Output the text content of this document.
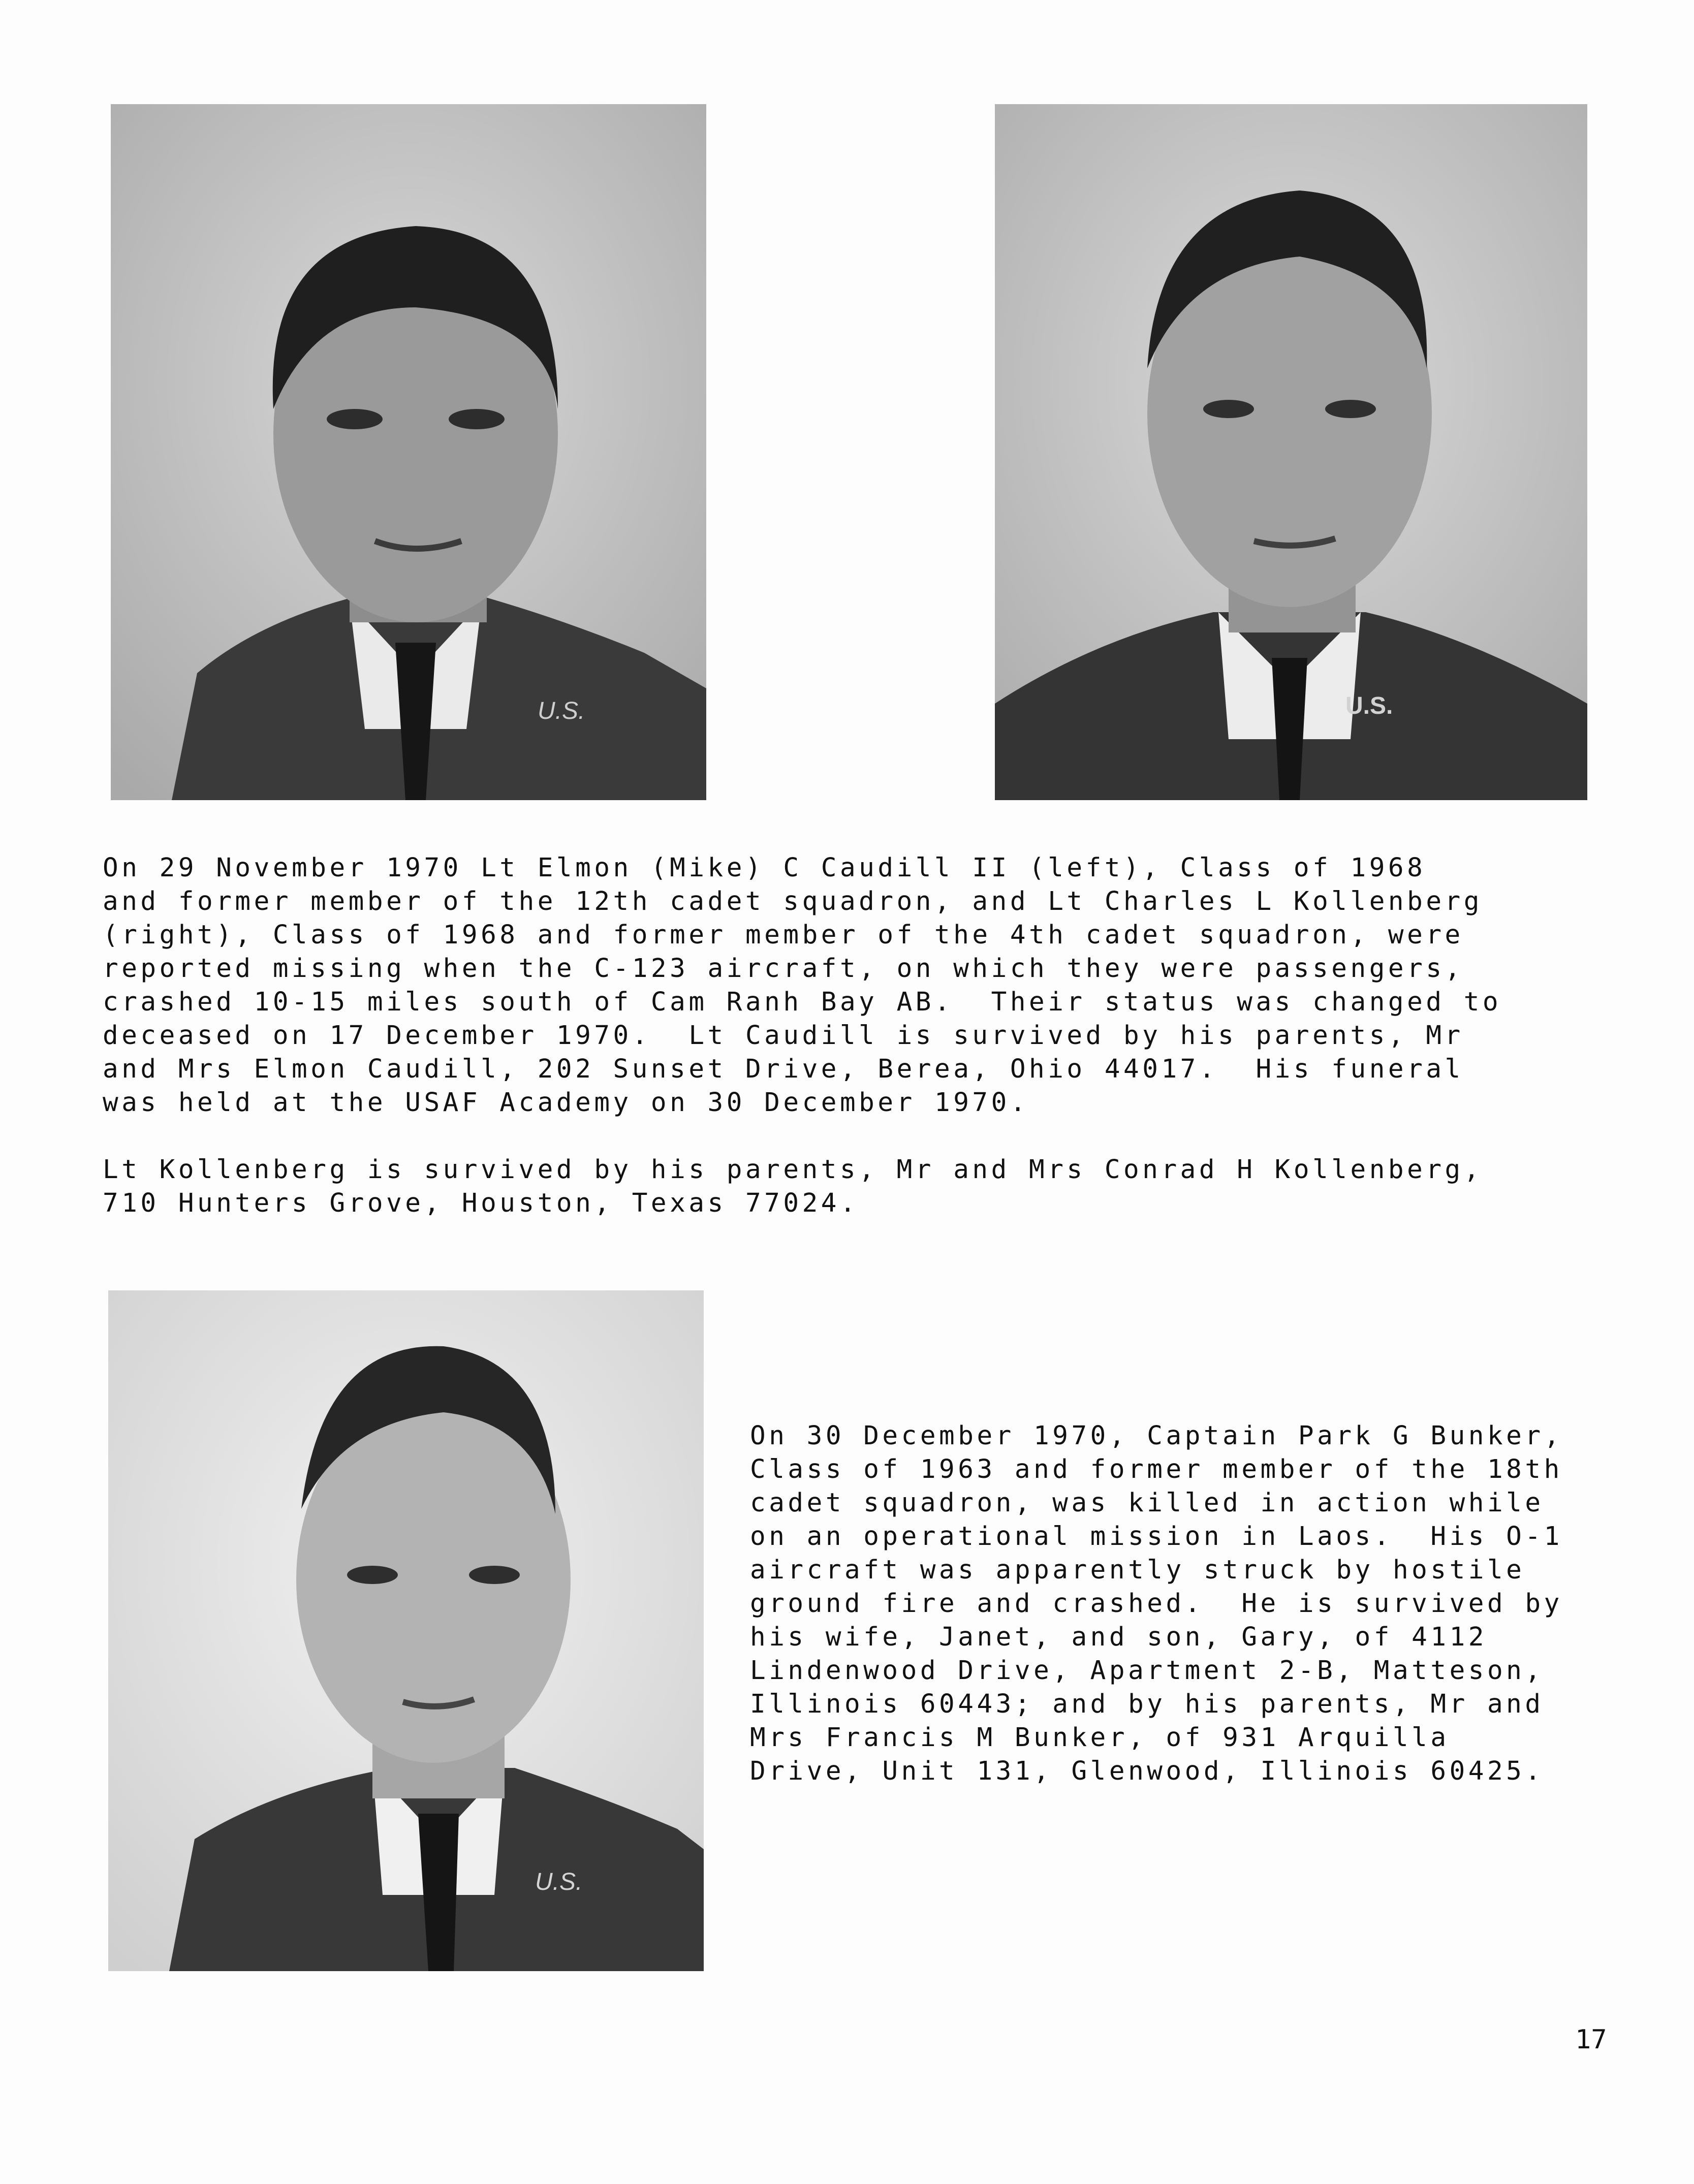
U.S.	U.S.
On 29 November 1970 Lt Elmon (Mike) C Caudill II (left), Class of 1968
and former member of the 12th cadet squadron, and Lt Charles L Kollenberg
(right), Class of 1968 and former member of the 4th cadet squadron, were
reported missing when the C-123 aircraft, on which they were passengers,
crashed 10-15 miles south of Cam Ranh Bay AB.  Their status was changed to
deceased on 17 December 1970.  Lt Caudill is survived by his parents, Mr
and Mrs Elmon Caudill, 202 Sunset Drive, Berea, Ohio 44017.  His funeral
was held at the USAF Academy on 30 December 1970.
Lt Kollenberg is survived by his parents, Mr and Mrs Conrad H Kollenberg,
710 Hunters Grove, Houston, Texas 77024.
U.S.
On 30 December 1970, Captain Park G Bunker,
Class of 1963 and former member of the 18th
cadet squadron, was killed in action while
on an operational mission in Laos.  His O-1
aircraft was apparently struck by hostile
ground fire and crashed.  He is survived by
his wife, Janet, and son, Gary, of 4112
Lindenwood Drive, Apartment 2-B, Matteson,
Illinois 60443; and by his parents, Mr and
Mrs Francis M Bunker, of 931 Arquilla
Drive, Unit 131, Glenwood, Illinois 60425.
17
